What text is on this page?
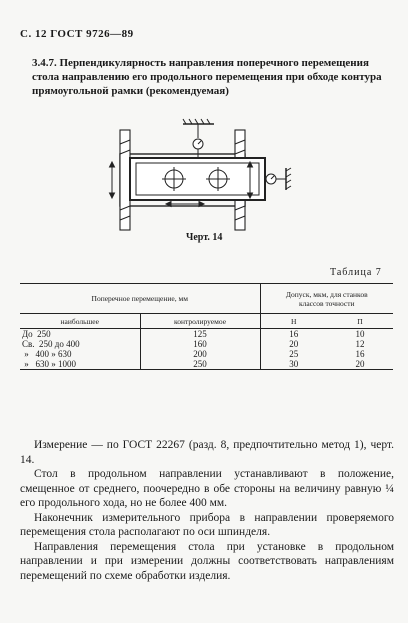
С. 12 ГОСТ 9726—89
3.4.7. Перпендикулярность направления поперечного перемещения стола направлению его продольного перемещения при обходе контура прямоугольной рамки (рекомендуемая)
Черт. 14
Таблица 7
Поперечное перемещение, мм		Допуск, мкм, для станков
классов точности	

наибольшее	контролируемое	Н	П
До 250	125	16	10
Св. 250 до 400	160	20	12
» 400 » 630	200	25	16
» 630 » 1000	250	30	20

Измерение — по ГОСТ 22267 (разд. 8, предпочтительно метод 1), черт. 14.

Стол в продольном направлении устанавливают в положение, смещенное от среднего, поочередно в обе стороны на величину равную ¼ его продольного хода, но не более 400 мм.

Наконечник измерительного прибора в направлении проверяемого перемещения стола располагают по оси шпинделя.

Направления перемещения стола при установке в продольном направлении и при измерении должны соответствовать направлениям перемещений по схеме обработки изделия.
